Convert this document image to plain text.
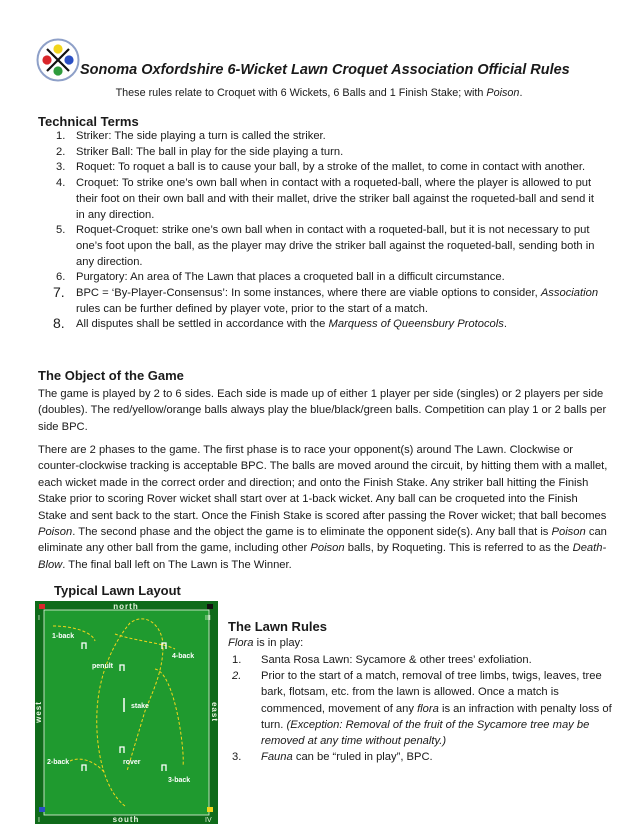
Sonoma Oxfordshire 6-Wicket Lawn Croquet Association Official Rules
These rules relate to Croquet with 6 Wickets, 6 Balls and 1 Finish Stake; with Poison.
Technical Terms
1. Striker: The side playing a turn is called the striker.
2. Striker Ball: The ball in play for the side playing a turn.
3. Roquet: To roquet a ball is to cause your ball, by a stroke of the mallet, to come in contact with another.
4. Croquet: To strike one’s own ball when in contact with a roqueted-ball, where the player is allowed to put their foot on their own ball and with their mallet, drive the striker ball against the roqueted-ball and send it in any direction.
5. Roquet-Croquet: strike one’s own ball when in contact with a roqueted-ball, but it is not necessary to put one’s foot upon the ball, as the player may drive the striker ball against the roqueted-ball, sending both in any direction.
6. Purgatory: An area of The Lawn that places a croqueted ball in a difficult circumstance.
7. BPC = ‘By-Player-Consensus’: In some instances, where there are viable options to consider, Association rules can be further defined by player vote, prior to the start of a match.
8. All disputes shall be settled in accordance with the Marquess of Queensbury Protocols.
The Object of the Game
The game is played by 2 to 6 sides. Each side is made up of either 1 player per side (singles) or 2 players per side (doubles). The red/yellow/orange balls always play the blue/black/green balls. Competition can play 1 or 2 balls per side BPC.
There are 2 phases to the game. The first phase is to race your opponent(s) around The Lawn. Clockwise or counter-clockwise tracking is acceptable BPC. The balls are moved around the circuit, by hitting them with a mallet, each wicket made in the correct order and direction; and onto the Finish Stake. Any striker ball hitting the Finish Stake prior to scoring Rover wicket shall start over at 1-back wicket. Any ball can be croqueted into the Finish Stake and sent back to the start. Once the Finish Stake is scored after passing the Rover wicket; that ball becomes Poison. The second phase and the object the game is to eliminate the opponent side(s). Any ball that is Poison can eliminate any other ball from the game, including other Poison balls, by Roqueting. This is referred to as the Death-Blow. The final ball left on The Lawn is The Winner.
Typical Lawn Layout
north
south
west	east
I	III
I	IV
1-back
4-back
penult
stake
rover
2-back
3-back
The Lawn Rules
Flora is in play:
1. Santa Rosa Lawn: Sycamore & other trees’ exfoliation.
2. Prior to the start of a match, removal of tree limbs, twigs, leaves, tree bark, flotsam, etc. from the lawn is allowed. Once a match is commenced, movement of any flora is an infraction with penalty loss of turn. (Exception: Removal of the fruit of the Sycamore tree may be removed at any time without penalty.)
3. Fauna can be “ruled in play”, BPC.
